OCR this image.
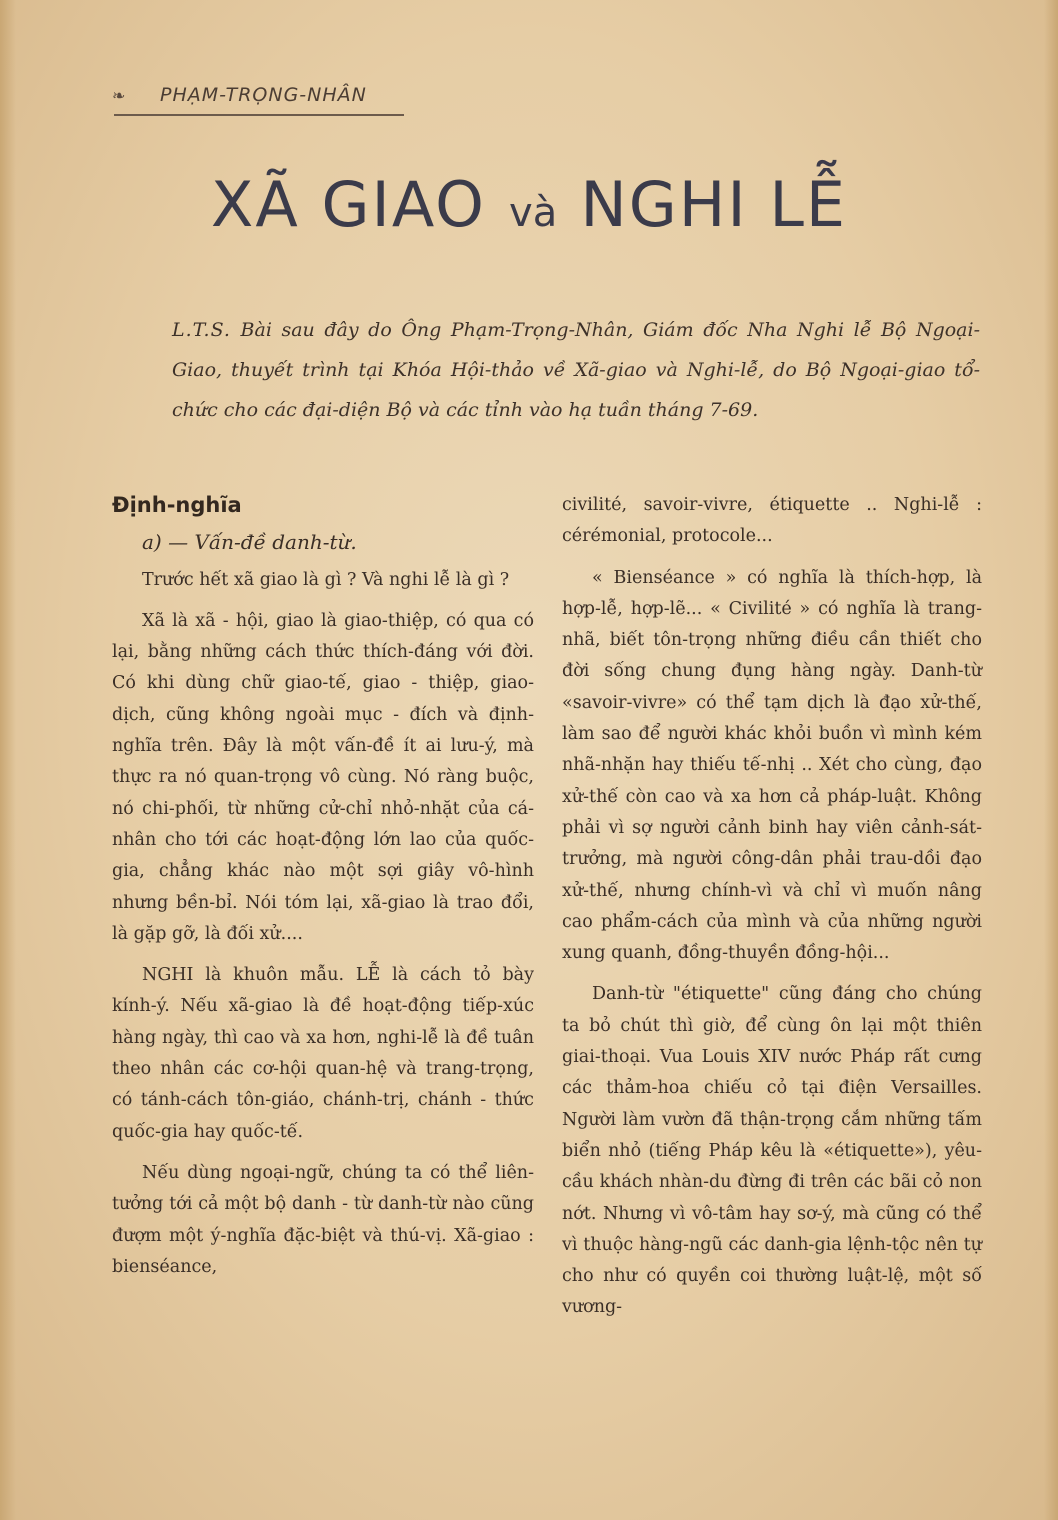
❧ PHẠM-TRỌNG-NHÂN
XÃ GIAO và NGHI LỄ
L.T.S. Bài sau đây do Ông Phạm-Trọng-Nhân, Giám đốc Nha Nghi lễ Bộ Ngoại-Giao, thuyết trình tại Khóa Hội-thảo về Xã-giao và Nghi-lễ, do Bộ Ngoại-giao tổ-chức cho các đại-diện Bộ và các tỉnh vào hạ tuần tháng 7-69.
Định-nghĩa
a) — Vấn-đề danh-từ.

Trước hết xã giao là gì ? Và nghi lễ là gì ?

Xã là xã - hội, giao là giao-thiệp, có qua có lại, bằng những cách thức thích-đáng với đời. Có khi dùng chữ giao-tế, giao - thiệp, giao-dịch, cũng không ngoài mục - đích và định-nghĩa trên. Đây là một vấn-đề ít ai lưu-ý, mà thực ra nó quan-trọng vô cùng. Nó ràng buộc, nó chi-phối, từ những cử-chỉ nhỏ-nhặt của cá-nhân cho tới các hoạt-động lớn lao của quốc-gia, chẳng khác nào một sợi giây vô-hình nhưng bền-bỉ. Nói tóm lại, xã-giao là trao đổi, là gặp gỡ, là đối xử....

NGHI là khuôn mẫu. LỄ là cách tỏ bày kính-ý. Nếu xã-giao là đề hoạt-động tiếp-xúc hàng ngày, thì cao và xa hơn, nghi-lễ là đề tuân theo nhân các cơ-hội quan-hệ và trang-trọng, có tánh-cách tôn-giáo, chánh-trị, chánh - thức quốc-gia hay quốc-tế.

Nếu dùng ngoại-ngữ, chúng ta có thể liên-tưởng tới cả một bộ danh - từ danh-từ nào cũng đượm một ý-nghĩa đặc-biệt và thú-vị. Xã-giao : bienséance,

civilité, savoir-vivre, étiquette .. Nghi-lễ : cérémonial, protocole...

« Bienséance » có nghĩa là thích-hợp, là hợp-lễ, hợp-lẽ... « Civilité » có nghĩa là trang-nhã, biết tôn-trọng những điều cần thiết cho đời sống chung đụng hàng ngày. Danh-từ «savoir-vivre» có thể tạm dịch là đạo xử-thế, làm sao để người khác khỏi buồn vì mình kém nhã-nhặn hay thiếu tế-nhị .. Xét cho cùng, đạo xử-thế còn cao và xa hơn cả pháp-luật. Không phải vì sợ người cảnh binh hay viên cảnh-sát-trưởng, mà người công-dân phải trau-dồi đạo xử-thế, nhưng chính-vì và chỉ vì muốn nâng cao phẩm-cách của mình và của những người xung quanh, đồng-thuyền đồng-hội...

Danh-từ "étiquette" cũng đáng cho chúng ta bỏ chút thì giờ, để cùng ôn lại một thiên giai-thoại. Vua Louis XIV nước Pháp rất cưng các thảm-hoa chiếu cỏ tại điện Versailles. Người làm vườn đã thận-trọng cắm những tấm biển nhỏ (tiếng Pháp kêu là «étiquette»), yêu-cầu khách nhàn-du đừng đi trên các bãi cỏ non nớt. Nhưng vì vô-tâm hay sơ-ý, mà cũng có thể vì thuộc hàng-ngũ các danh-gia lệnh-tộc nên tự cho như có quyền coi thường luật-lệ, một số vương-
